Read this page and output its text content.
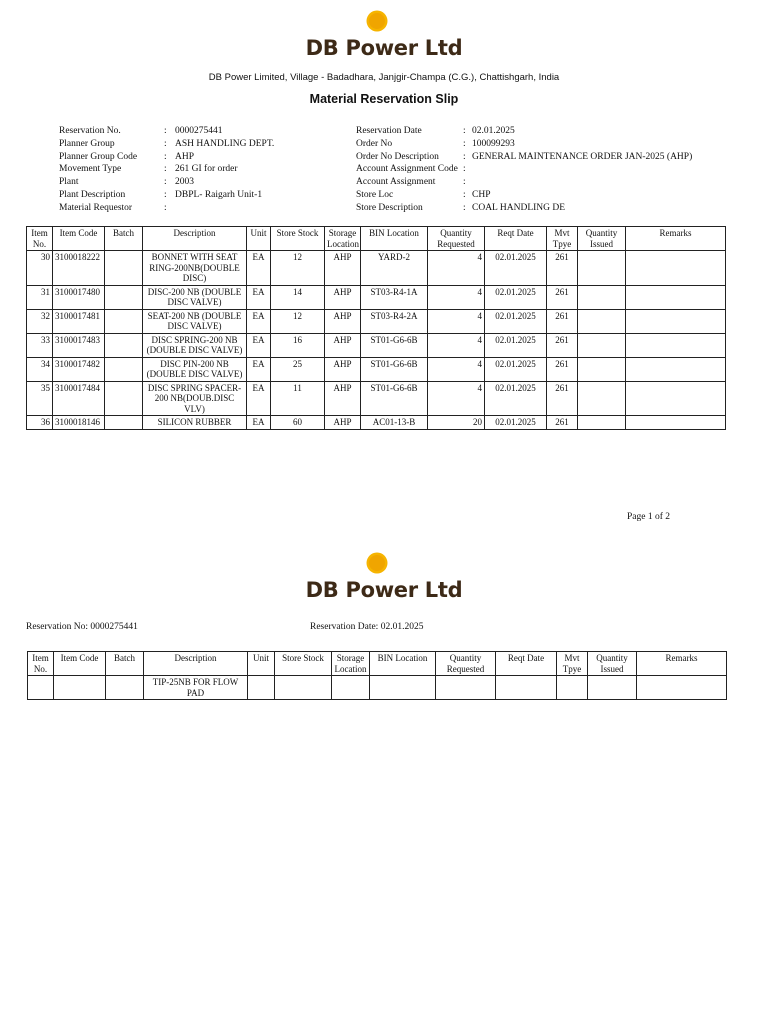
DB Power Ltd
DB Power Limited, Village - Badadhara, Janjgir-Champa (C.G.), Chattishgarh, India
Material Reservation Slip
Reservation No.	: 0000275441
Planner Group	: ASH HANDLING DEPT.
Planner Group Code	: AHP
Movement Type	: 261 GI for order
Plant	: 2003
Plant Description	: DBPL- Raigarh Unit-1
Material Requestor	:
Reservation Date	: 02.01.2025
Order No	: 100099293
Order No Description	: GENERAL MAINTENANCE ORDER JAN-2025 (AHP)
Account Assignment Code :
Account Assignment	:
Store Loc	: CHP
Store Description	: COAL HANDLING DE
Item No.	Item Code	Batch	Description	Unit	Store Stock	Storage Location	BIN Location	Quantity Requested	Reqt Date	Mvt Tpye	Quantity Issued	Remarks
30	3100018222		BONNET WITH SEAT RING-200NB(DOUBLE DISC)	EA	12	AHP	YARD-2	4	02.01.2025	261		
31	3100017480		DISC-200 NB (DOUBLE DISC VALVE)	EA	14	AHP	ST03-R4-1A	4	02.01.2025	261		
32	3100017481		SEAT-200 NB (DOUBLE DISC VALVE)	EA	12	AHP	ST03-R4-2A	4	02.01.2025	261		
33	3100017483		DISC SPRING-200 NB (DOUBLE DISC VALVE)	EA	16	AHP	ST01-G6-6B	4	02.01.2025	261		
34	3100017482		DISC PIN-200 NB (DOUBLE DISC VALVE)	EA	25	AHP	ST01-G6-6B	4	02.01.2025	261		
35	3100017484		DISC SPRING SPACER-200 NB(DOUB.DISC VLV)	EA	11	AHP	ST01-G6-6B	4	02.01.2025	261		
36	3100018146		SILICON RUBBER	EA	60	AHP	AC01-13-B	20	02.01.2025	261		
Page 1 of 2
DB Power Ltd
Reservation No: 0000275441	Reservation Date: 02.01.2025
Item No.	Item Code	Batch	Description	Unit	Store Stock	Storage Location	BIN Location	Quantity Requested	Reqt Date	Mvt Tpye	Quantity Issued	Remarks
			TIP-25NB FOR FLOW PAD									
